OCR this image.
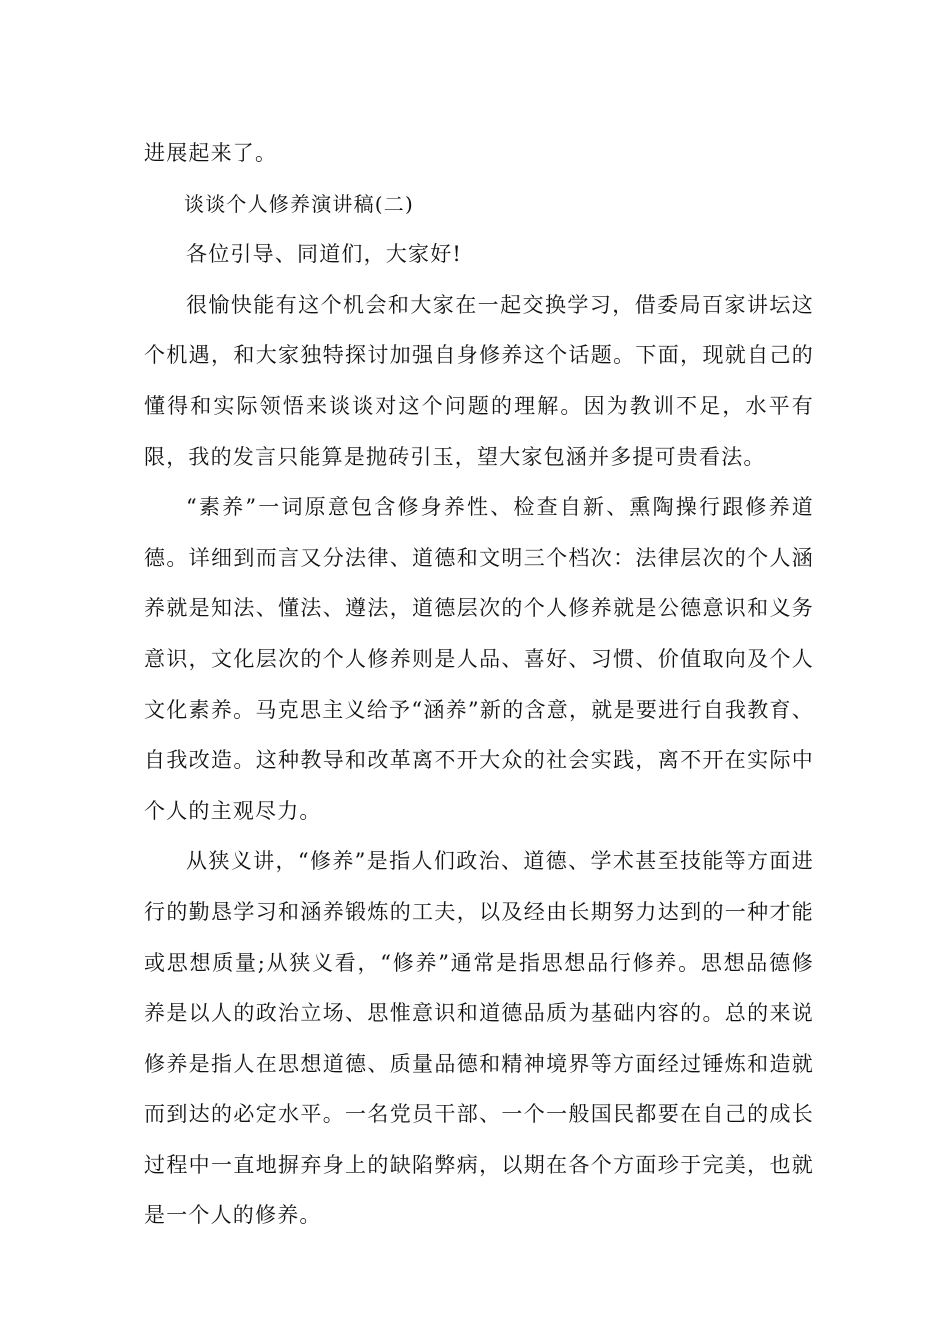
进展起来了。

谈谈个人修养演讲稿(二)

各位引导、同道们，大家好!

很愉快能有这个机会和大家在一起交换学习，借委局百家讲坛这个机遇，和大家独特探讨加强自身修养这个话题。下面，现就自己的懂得和实际领悟来谈谈对这个问题的理解。因为教训不足，水平有限，我的发言只能算是抛砖引玉，望大家包涵并多提可贵看法。

“素养”一词原意包含修身养性、检查自新、熏陶操行跟修养道德。详细到而言又分法律、道德和文明三个档次：法律层次的个人涵养就是知法、懂法、遵法，道德层次的个人修养就是公德意识和义务意识，文化层次的个人修养则是人品、喜好、习惯、价值取向及个人文化素养。马克思主义给予“涵养”新的含意，就是要进行自我教育、自我改造。这种教导和改革离不开大众的社会实践，离不开在实际中个人的主观尽力。

从狭义讲，“修养”是指人们政治、道德、学术甚至技能等方面进行的勤恳学习和涵养锻炼的工夫，以及经由长期努力达到的一种才能或思想质量;从狭义看，“修养”通常是指思想品行修养。思想品德修养是以人的政治立场、思惟意识和道德品质为基础内容的。总的来说修养是指人在思想道德、质量品德和精神境界等方面经过锤炼和造就而到达的必定水平。一名党员干部、一个一般国民都要在自己的成长过程中一直地摒弃身上的缺陷弊病，以期在各个方面珍于完美，也就是一个人的修养。
